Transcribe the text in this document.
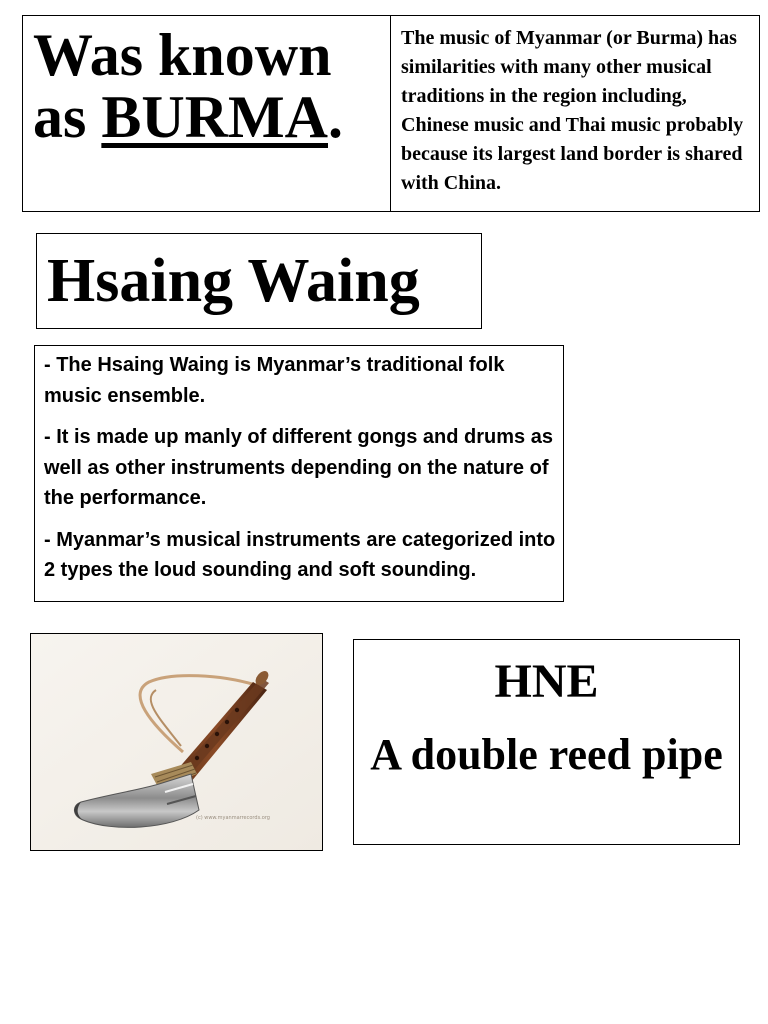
Was known
as BURMA.
The music of Myanmar (or Burma) has similarities with many other musical traditions in the region including, Chinese music and Thai music probably because its largest land border is shared with China.
Hsaing Waing
- The Hsaing Waing is Myanmar’s traditional folk music ensemble.
- It is made up manly of different gongs and drums as well as other instruments depending on the nature of the performance.
- Myanmar’s musical instruments are categorized into 2 types the loud sounding and soft sounding.
(c) www.myanmarrecords.org
HNE
A double reed pipe
